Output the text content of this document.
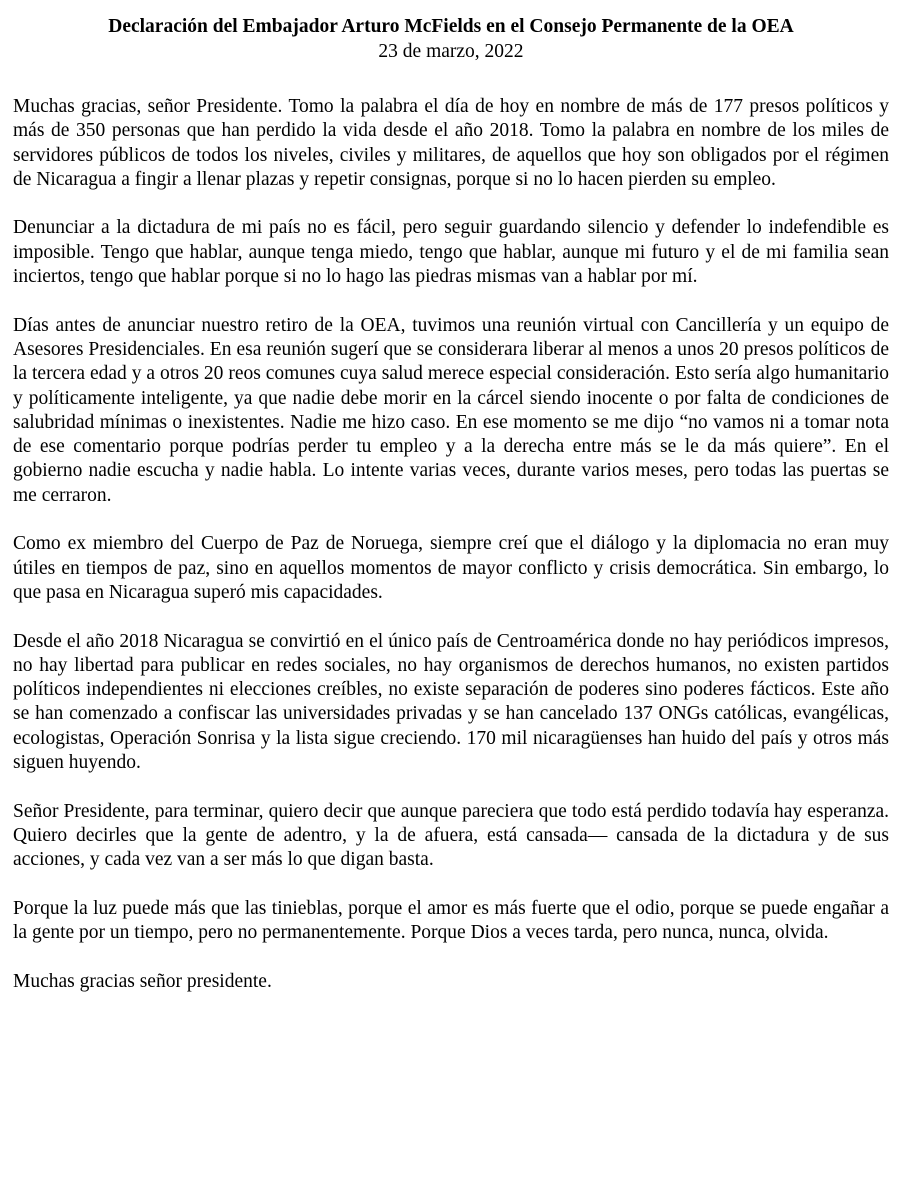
Declaración del Embajador Arturo McFields en el Consejo Permanente de la OEA

23 de marzo, 2022

Muchas gracias, señor Presidente. Tomo la palabra el día de hoy en nombre de más de 177 presos políticos y más de 350 personas que han perdido la vida desde el año 2018. Tomo la palabra en nombre de los miles de servidores públicos de todos los niveles, civiles y militares, de aquellos que hoy son obligados por el régimen de Nicaragua a fingir a llenar plazas y repetir consignas, porque si no lo hacen pierden su empleo.

Denunciar a la dictadura de mi país no es fácil, pero seguir guardando silencio y defender lo indefendible es imposible. Tengo que hablar, aunque tenga miedo, tengo que hablar, aunque mi futuro y el de mi familia sean inciertos, tengo que hablar porque si no lo hago las piedras mismas van a hablar por mí.

Días antes de anunciar nuestro retiro de la OEA, tuvimos una reunión virtual con Cancillería y un equipo de Asesores Presidenciales. En esa reunión sugerí que se considerara liberar al menos a unos 20 presos políticos de la tercera edad y a otros 20 reos comunes cuya salud merece especial consideración. Esto sería algo humanitario y políticamente inteligente, ya que nadie debe morir en la cárcel siendo inocente o por falta de condiciones de salubridad mínimas o inexistentes. Nadie me hizo caso. En ese momento se me dijo “no vamos ni a tomar nota de ese comentario porque podrías perder tu empleo y a la derecha entre más se le da más quiere”. En el gobierno nadie escucha y nadie habla. Lo intente varias veces, durante varios meses, pero todas las puertas se me cerraron.

Como ex miembro del Cuerpo de Paz de Noruega, siempre creí que el diálogo y la diplomacia no eran muy útiles en tiempos de paz, sino en aquellos momentos de mayor conflicto y crisis democrática. Sin embargo, lo que pasa en Nicaragua superó mis capacidades.

Desde el año 2018 Nicaragua se convirtió en el único país de Centroamérica donde no hay periódicos impresos, no hay libertad para publicar en redes sociales, no hay organismos de derechos humanos, no existen partidos políticos independientes ni elecciones creíbles, no existe separación de poderes sino poderes fácticos. Este año se han comenzado a confiscar las universidades privadas y se han cancelado 137 ONGs católicas, evangélicas, ecologistas, Operación Sonrisa y la lista sigue creciendo. 170 mil nicaragüenses han huido del país y otros más siguen huyendo.

Señor Presidente, para terminar, quiero decir que aunque pareciera que todo está perdido todavía hay esperanza. Quiero decirles que la gente de adentro, y la de afuera, está cansada— cansada de la dictadura y de sus acciones, y cada vez van a ser más lo que digan basta.

Porque la luz puede más que las tinieblas, porque el amor es más fuerte que el odio, porque se puede engañar a la gente por un tiempo, pero no permanentemente. Porque Dios a veces tarda, pero nunca, nunca, olvida.

Muchas gracias señor presidente.
